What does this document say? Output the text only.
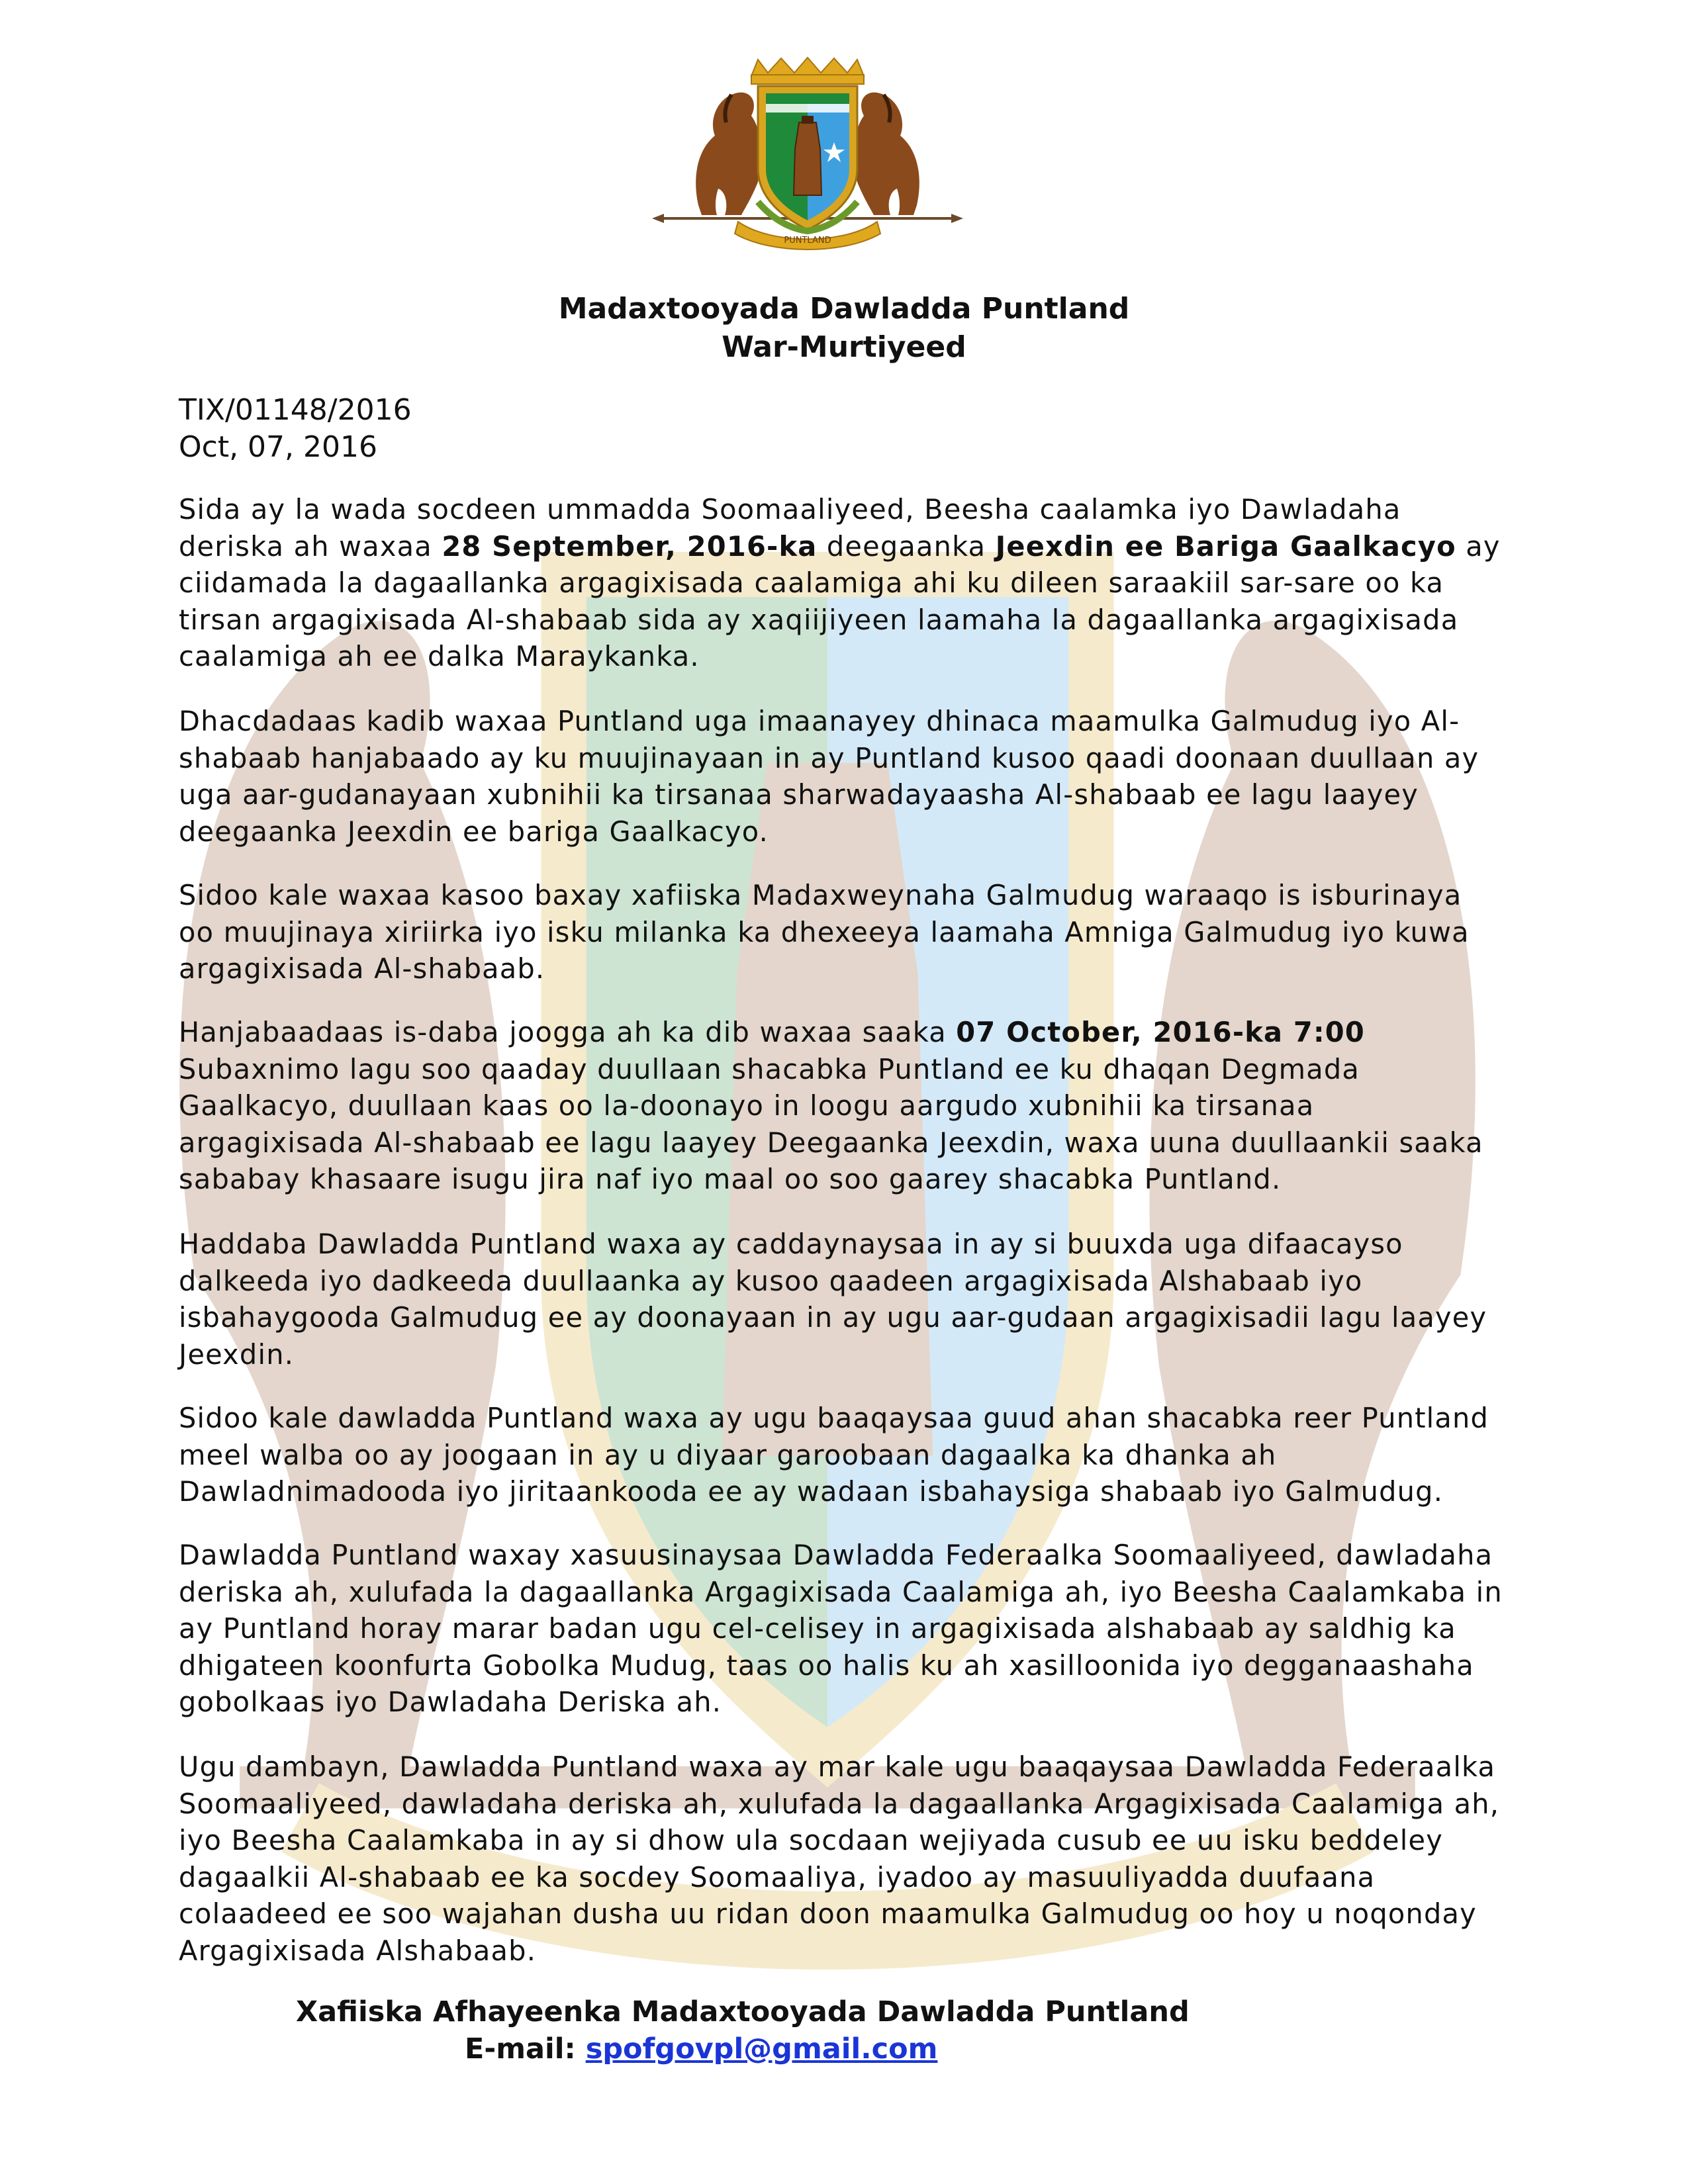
PUNTLAND
Madaxtooyada Dawladda Puntland
War-Murtiyeed
TIX/01148/2016
Oct, 07, 2016

Sida ay la wada socdeen ummadda Soomaaliyeed, Beesha caalamka iyo Dawladaha deriska ah waxaa 28 September, 2016-ka deegaanka Jeexdin ee Bariga Gaalkacyo ay ciidamada la dagaallanka argagixisada caalamiga ahi ku dileen saraakiil sar-sare oo ka tirsan argagixisada Al-shabaab sida ay xaqiijiyeen laamaha la dagaallanka argagixisada caalamiga ah ee dalka Maraykanka.

Dhacdadaas kadib waxaa Puntland uga imaanayey dhinaca maamulka Galmudug iyo Al-shabaab hanjabaado ay ku muujinayaan in ay Puntland kusoo qaadi doonaan duullaan ay uga aar-gudanayaan xubnihii ka tirsanaa sharwadayaasha Al-shabaab ee lagu laayey deegaanka Jeexdin ee bariga Gaalkacyo.

Sidoo kale waxaa kasoo baxay xafiiska Madaxweynaha Galmudug waraaqo is isburinaya oo muujinaya xiriirka iyo isku milanka ka dhexeeya laamaha Amniga Galmudug iyo kuwa argagixisada Al-shabaab.

Hanjabaadaas is-daba joogga ah ka dib waxaa saaka 07 October, 2016-ka 7:00 Subaxnimo lagu soo qaaday duullaan shacabka Puntland ee ku dhaqan Degmada Gaalkacyo, duullaan kaas oo la-doonayo in loogu aargudo xubnihii ka tirsanaa argagixisada Al-shabaab ee lagu laayey Deegaanka Jeexdin, waxa uuna duullaankii saaka sababay khasaare isugu jira naf iyo maal oo soo gaarey shacabka Puntland.

Haddaba Dawladda Puntland waxa ay caddaynaysaa in ay si buuxda uga difaacayso dalkeeda iyo dadkeeda duullaanka ay kusoo qaadeen argagixisada Alshabaab iyo isbahaygooda Galmudug ee ay doonayaan in ay ugu aar-gudaan argagixisadii lagu laayey Jeexdin.

Sidoo kale dawladda Puntland waxa ay ugu baaqaysaa guud ahan shacabka reer Puntland meel walba oo ay joogaan in ay u diyaar garoobaan dagaalka ka dhanka ah Dawladnimadooda iyo jiritaankooda ee ay wadaan isbahaysiga shabaab iyo Galmudug.

Dawladda Puntland waxay xasuusinaysaa Dawladda Federaalka Soomaaliyeed, dawladaha deriska ah, xulufada la dagaallanka Argagixisada Caalamiga ah, iyo Beesha Caalamkaba in ay Puntland horay marar badan ugu cel-celisey in argagixisada alshabaab ay saldhig ka dhigateen koonfurta Gobolka Mudug, taas oo halis ku ah xasilloonida iyo degganaashaha gobolkaas iyo Dawladaha Deriska ah.

Ugu dambayn, Dawladda Puntland waxa ay mar kale ugu baaqaysaa Dawladda Federaalka Soomaaliyeed, dawladaha deriska ah, xulufada la dagaallanka Argagixisada Caalamiga ah, iyo Beesha Caalamkaba in ay si dhow ula socdaan wejiyada cusub ee uu isku beddeley dagaalkii Al-shabaab ee ka socdey Soomaaliya, iyadoo ay masuuliyadda duufaana colaadeed ee soo wajahan dusha uu ridan doon maamulka Galmudug oo hoy u noqonday Argagixisada Alshabaab.

Xafiiska Afhayeenka Madaxtooyada Dawladda Puntland
E-mail: spofgovpl@gmail.com
